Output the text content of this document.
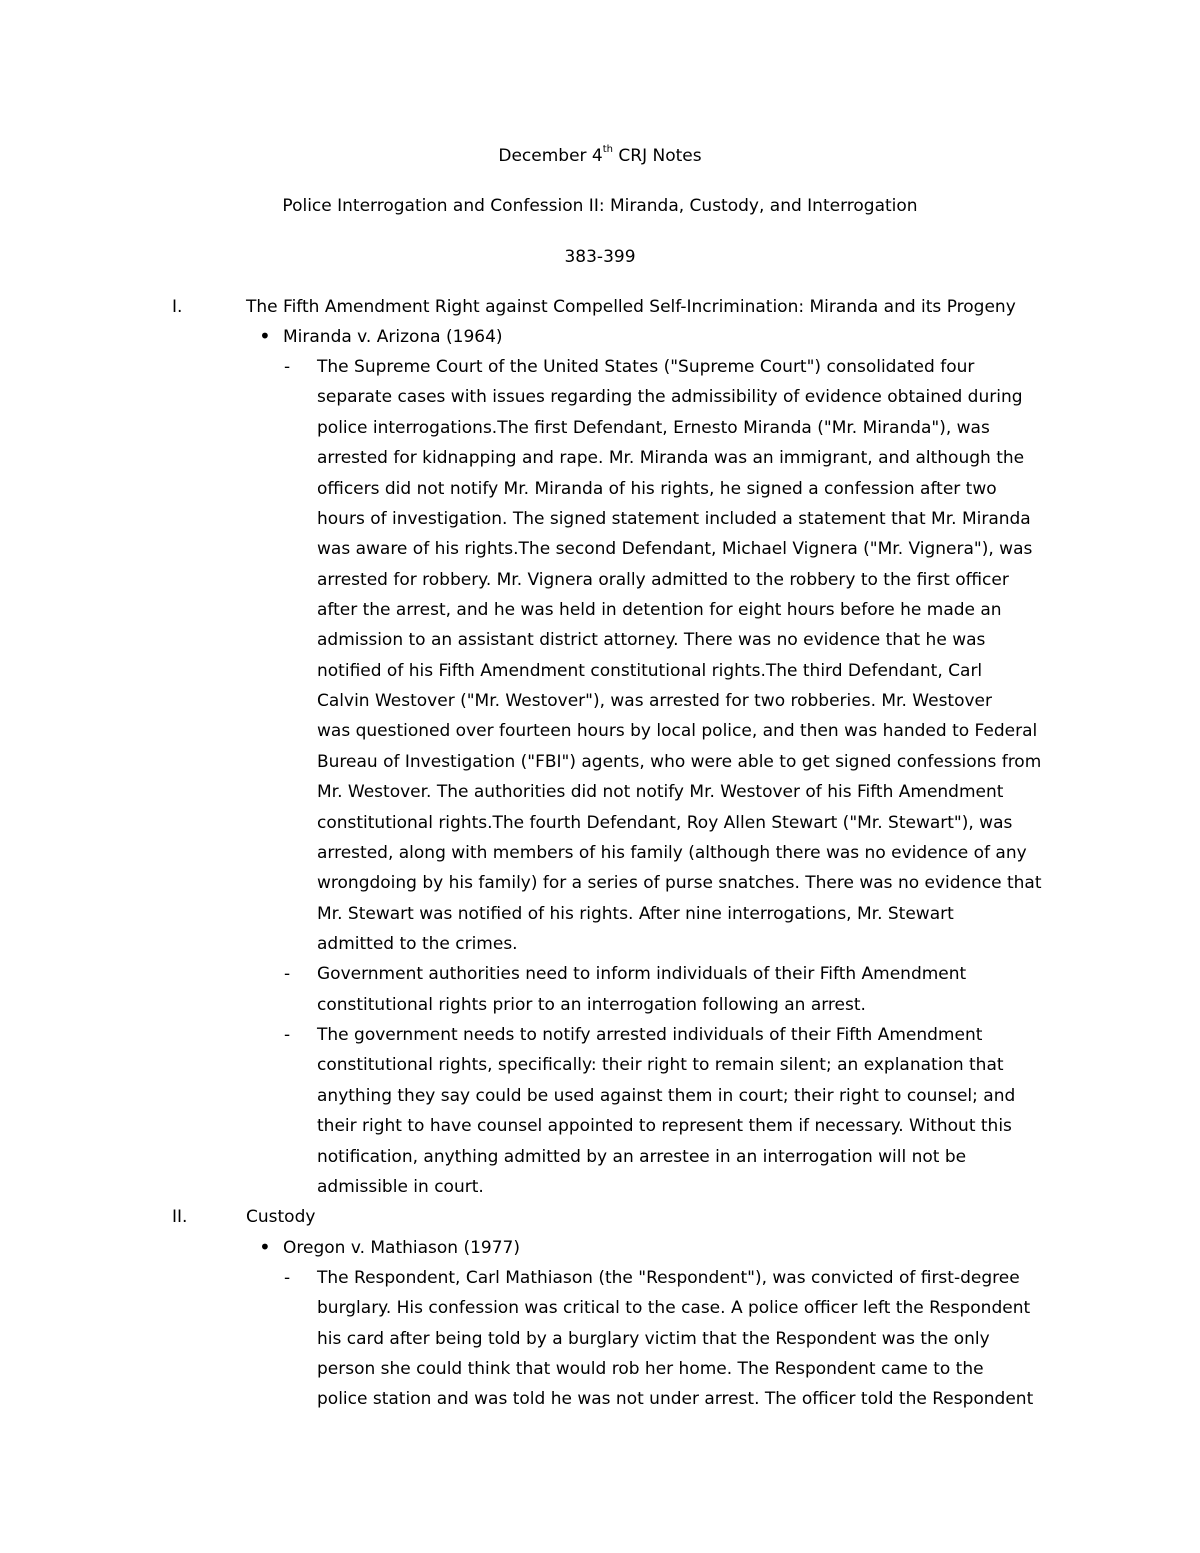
December 4th CRJ Notes
Police Interrogation and Confession II: Miranda, Custody, and Interrogation
383-399
I.	The Fifth Amendment Right against Compelled Self-Incrimination: Miranda and its Progeny
• Miranda v. Arizona (1964)
- The Supreme Court of the United States ("Supreme Court") consolidated four
separate cases with issues regarding the admissibility of evidence obtained during
police interrogations.The first Defendant, Ernesto Miranda ("Mr. Miranda"), was
arrested for kidnapping and rape. Mr. Miranda was an immigrant, and although the
officers did not notify Mr. Miranda of his rights, he signed a confession after two
hours of investigation. The signed statement included a statement that Mr. Miranda
was aware of his rights.The second Defendant, Michael Vignera ("Mr. Vignera"), was
arrested for robbery. Mr. Vignera orally admitted to the robbery to the first officer
after the arrest, and he was held in detention for eight hours before he made an
admission to an assistant district attorney. There was no evidence that he was
notified of his Fifth Amendment constitutional rights.The third Defendant, Carl
Calvin Westover ("Mr. Westover"), was arrested for two robberies. Mr. Westover
was questioned over fourteen hours by local police, and then was handed to Federal
Bureau of Investigation ("FBI") agents, who were able to get signed confessions from
Mr. Westover. The authorities did not notify Mr. Westover of his Fifth Amendment
constitutional rights.The fourth Defendant, Roy Allen Stewart ("Mr. Stewart"), was
arrested, along with members of his family (although there was no evidence of any
wrongdoing by his family) for a series of purse snatches. There was no evidence that
Mr. Stewart was notified of his rights. After nine interrogations, Mr. Stewart
admitted to the crimes.
- Government authorities need to inform individuals of their Fifth Amendment
constitutional rights prior to an interrogation following an arrest.
- The government needs to notify arrested individuals of their Fifth Amendment
constitutional rights, specifically: their right to remain silent; an explanation that
anything they say could be used against them in court; their right to counsel; and
their right to have counsel appointed to represent them if necessary. Without this
notification, anything admitted by an arrestee in an interrogation will not be
admissible in court.
II.	Custody
• Oregon v. Mathiason (1977)
- The Respondent, Carl Mathiason (the "Respondent"), was convicted of first-degree
burglary. His confession was critical to the case. A police officer left the Respondent
his card after being told by a burglary victim that the Respondent was the only
person she could think that would rob her home. The Respondent came to the
police station and was told he was not under arrest. The officer told the Respondent
